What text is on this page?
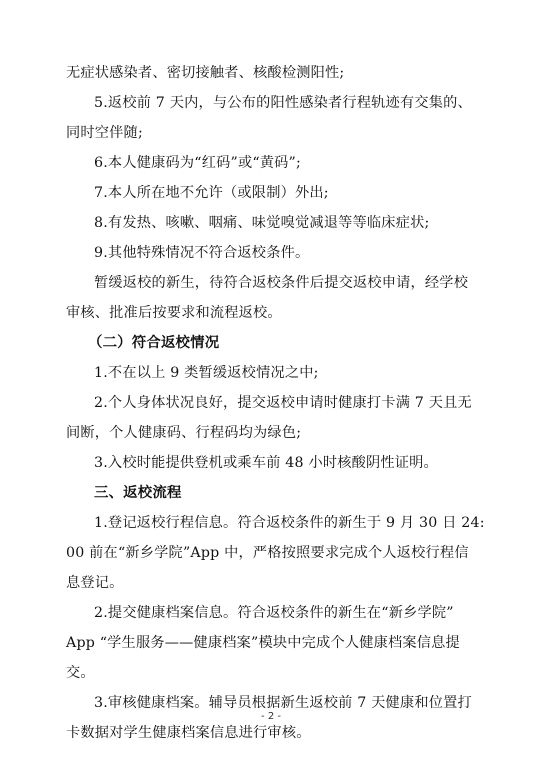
无症状感染者、密切接触者、核酸检测阳性;
5.返校前 7 天内，与公布的阳性感染者行程轨迹有交集的、
同时空伴随;
6.本人健康码为“红码”或“黄码”;
7.本人所在地不允许（或限制）外出;
8.有发热、咳嗽、咽痛、味觉嗅觉减退等等临床症状;
9.其他特殊情况不符合返校条件。
暂缓返校的新生，待符合返校条件后提交返校申请，经学校
审核、批准后按要求和流程返校。
（二）符合返校情况
1.不在以上 9 类暂缓返校情况之中;
2.个人身体状况良好，提交返校申请时健康打卡满 7 天且无
间断，个人健康码、行程码均为绿色;
3.入校时能提供登机或乘车前 48 小时核酸阴性证明。
三、返校流程
1.登记返校行程信息。符合返校条件的新生于 9 月 30 日 24:
00 前在“新乡学院”App 中，严格按照要求完成个人返校行程信
息登记。
2.提交健康档案信息。符合返校条件的新生在“新乡学院”
App “学生服务——健康档案”模块中完成个人健康档案信息提
交。
3.审核健康档案。辅导员根据新生返校前 7 天健康和位置打
卡数据对学生健康档案信息进行审核。
- 2 -
